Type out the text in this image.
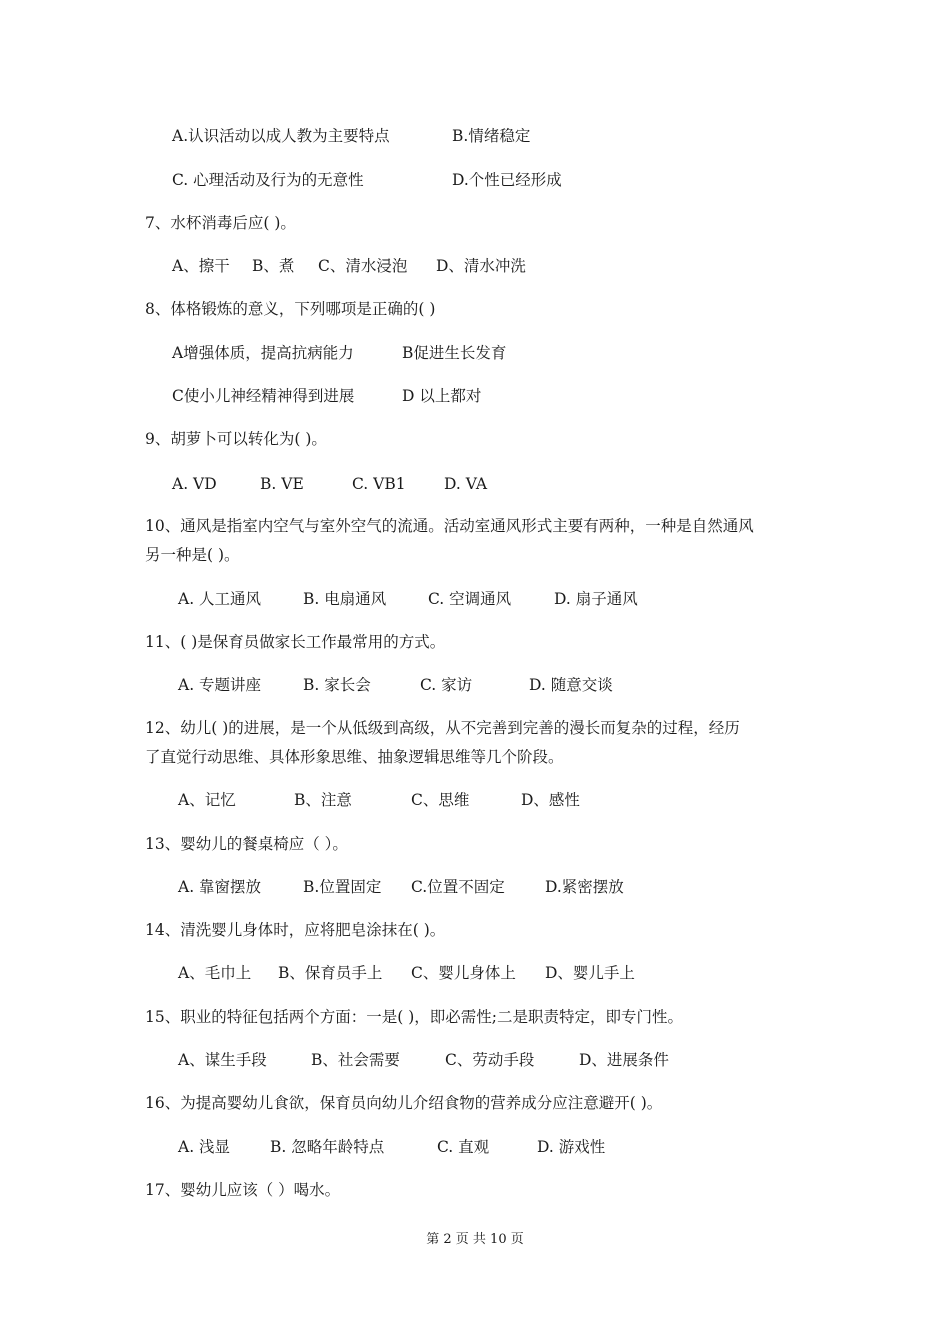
A.认识活动以成人教为主要特点	B.情绪稳定
C. 心理活动及行为的无意性	D.个性已经形成
7、水杯消毒后应( )。
A、擦干 B、煮 C、清水浸泡 D、清水冲洗
8、体格锻炼的意义，下列哪项是正确的( )
A增强体质，提高抗病能力	B促进生长发育
C使小儿神经精神得到进展	D 以上都对
9、胡萝卜可以转化为( )。
A. VD	B. VE	C. VB1 D. VA
10、通风是指室内空气与室外空气的流通。活动室通风形式主要有两种，一种是自然通风
另一种是( )。
A. 人工通风	B. 电扇通风	C. 空调通风	D. 扇子通风
11、( )是保育员做家长工作最常用的方式。
A. 专题讲座	B. 家长会	C. 家访	D. 随意交谈
12、幼儿( )的进展，是一个从低级到高级，从不完善到完善的漫长而复杂的过程，经历
了直觉行动思维、具体形象思维、抽象逻辑思维等几个阶段。
A、记忆	B、注意	C、思维	D、感性
13、婴幼儿的餐桌椅应（ ）。
A. 靠窗摆放	B.位置固定 C.位置不固定	D.紧密摆放
14、清洗婴儿身体时，应将肥皂涂抹在( )。
A、毛巾上 B、保育员手上 C、婴儿身体上 D、婴儿手上
15、职业的特征包括两个方面：一是( )，即必需性;二是职责特定，即专门性。
A、谋生手段	B、社会需要	C、劳动手段	D、进展条件
16、为提高婴幼儿食欲，保育员向幼儿介绍食物的营养成分应注意避开( )。
A. 浅显	B. 忽略年龄特点	C. 直观	D. 游戏性
17、婴幼儿应该（ ）喝水。
第 2 页 共 10 页
